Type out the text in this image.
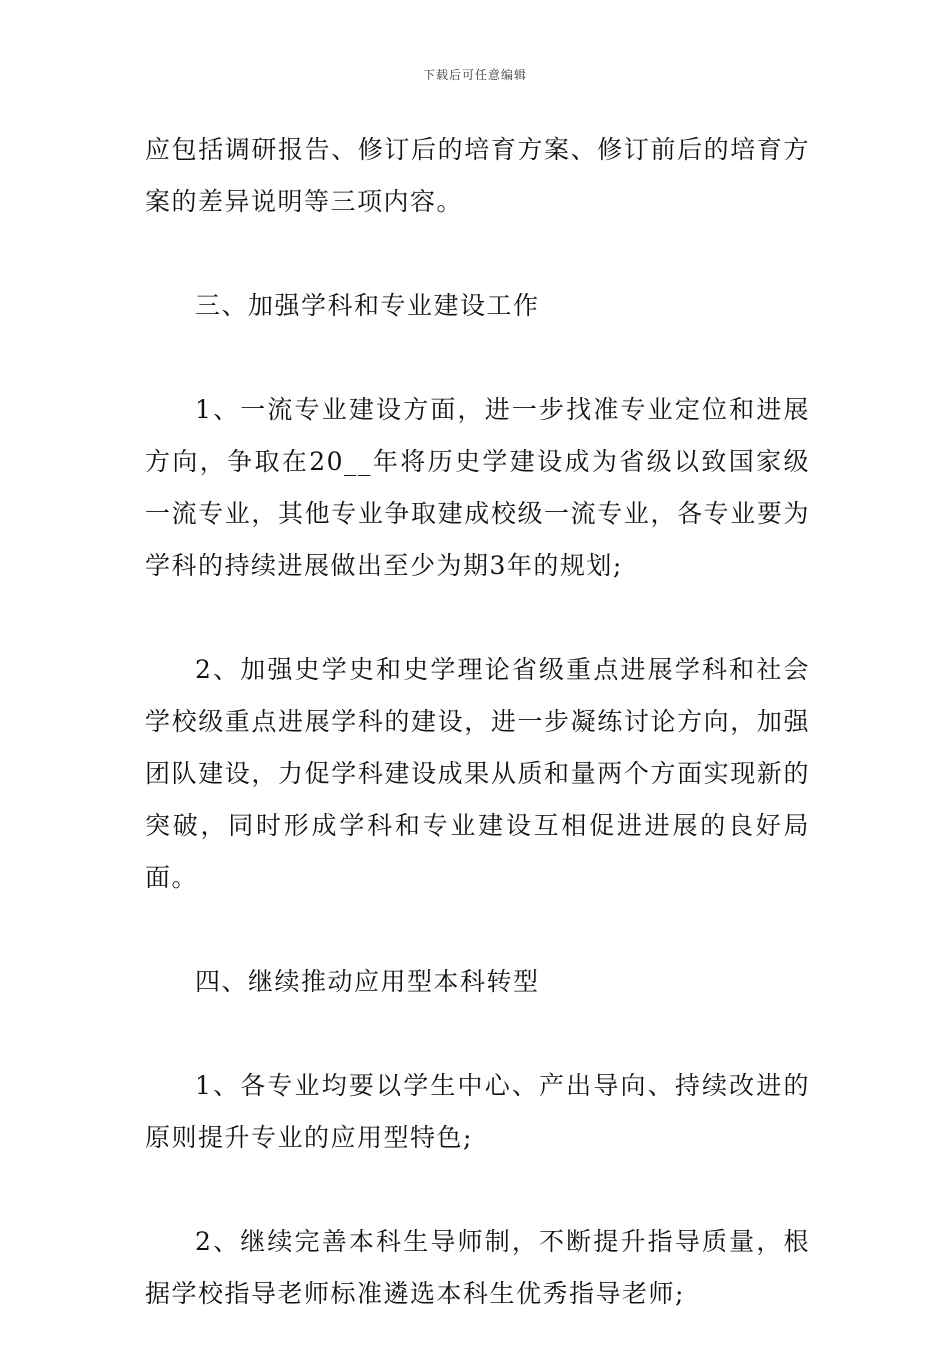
下载后可任意编辑

应包括调研报告、修订后的培育方案、修订前后的培育方案的差异说明等三项内容。

三、加强学科和专业建设工作

1、一流专业建设方面，进一步找准专业定位和进展方向，争取在20__年将历史学建设成为省级以致国家级一流专业，其他专业争取建成校级一流专业，各专业要为学科的持续进展做出至少为期3年的规划;

2、加强史学史和史学理论省级重点进展学科和社会学校级重点进展学科的建设，进一步凝练讨论方向，加强团队建设，力促学科建设成果从质和量两个方面实现新的突破，同时形成学科和专业建设互相促进进展的良好局面。

四、继续推动应用型本科转型

1、各专业均要以学生中心、产出导向、持续改进的原则提升专业的应用型特色;

2、继续完善本科生导师制，不断提升指导质量，根据学校指导老师标准遴选本科生优秀指导老师;
